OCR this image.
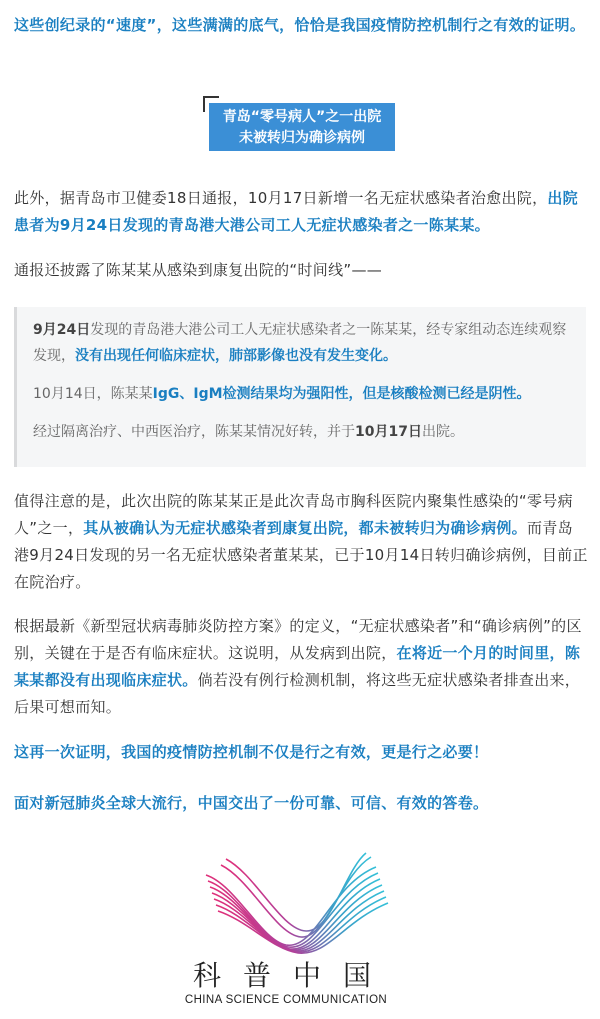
这些创纪录的“速度”，这些满满的底气，恰恰是我国疫情防控机制行之有效的证明。

青岛“零号病人”之一出院
未被转归为确诊病例

此外，据青岛市卫健委18日通报，10月17日新增一名无症状感染者治愈出院，出院患者为9月24日发现的青岛港大港公司工人无症状感染者之一陈某某。

通报还披露了陈某某从感染到康复出院的“时间线”——

9月24日发现的青岛港大港公司工人无症状感染者之一陈某某，经专家组动态连续观察发现，没有出现任何临床症状，肺部影像也没有发生变化。

10月14日，陈某某IgG、IgM检测结果均为强阳性，但是核酸检测已经是阴性。

经过隔离治疗、中西医治疗，陈某某情况好转，并于10月17日出院。

值得注意的是，此次出院的陈某某正是此次青岛市胸科医院内聚集性感染的“零号病人”之一，其从被确认为无症状感染者到康复出院，都未被转归为确诊病例。而青岛港9月24日发现的另一名无症状感染者董某某，已于10月14日转归确诊病例，目前正在院治疗。

根据最新《新型冠状病毒肺炎防控方案》的定义，“无症状感染者”和“确诊病例”的区别，关键在于是否有临床症状。这说明，从发病到出院，在将近一个月的时间里，陈某某都没有出现临床症状。倘若没有例行检测机制，将这些无症状感染者排查出来，后果可想而知。

这再一次证明，我国的疫情防控机制不仅是行之有效，更是行之必要！

面对新冠肺炎全球大流行，中国交出了一份可靠、可信、有效的答卷。

科普中国
CHINA SCIENCE COMMUNICATION
